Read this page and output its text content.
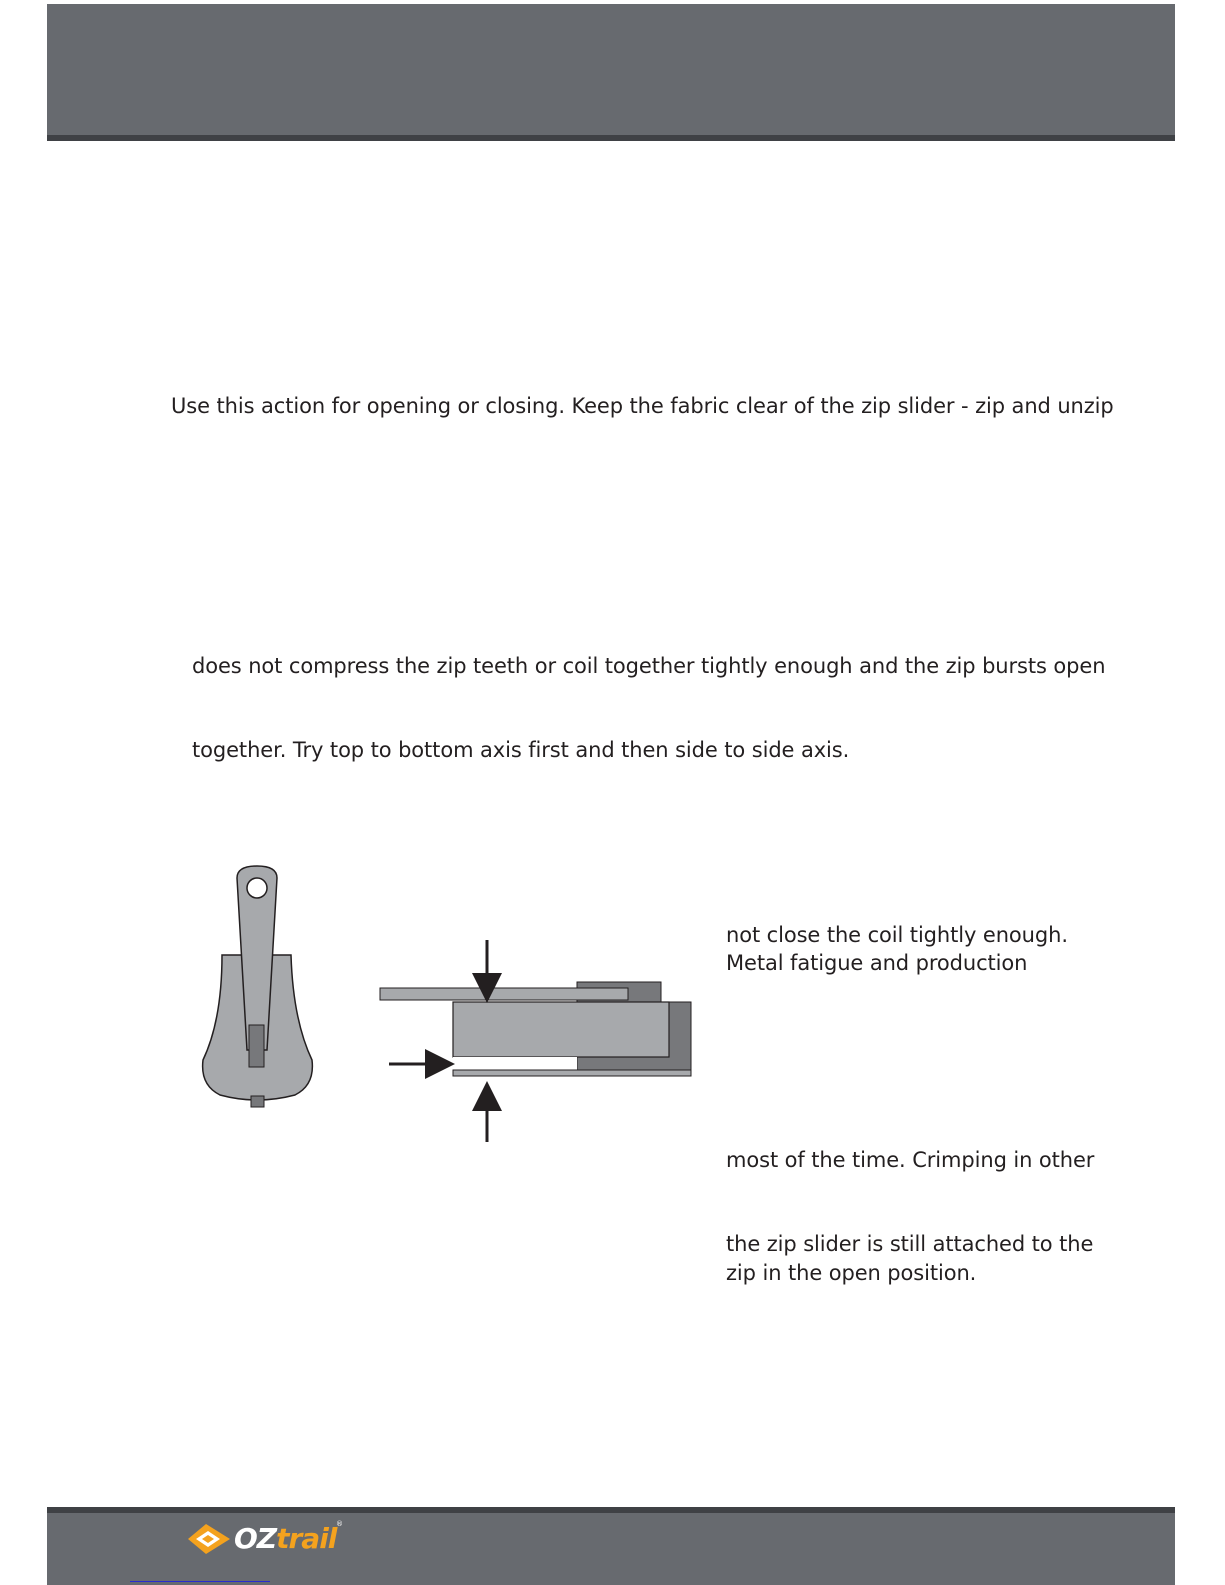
Use this action for opening or closing. Keep the fabric clear of the zip slider - zip and unzip
does not compress the zip teeth or coil together tightly enough and the zip bursts open
together. Try top to bottom axis first and then side to side axis.
not close the coil tightly enough.
Metal fatigue and production
most of the time. Crimping in other
the zip slider is still attached to the
zip in the open position.
OZtrail ®
